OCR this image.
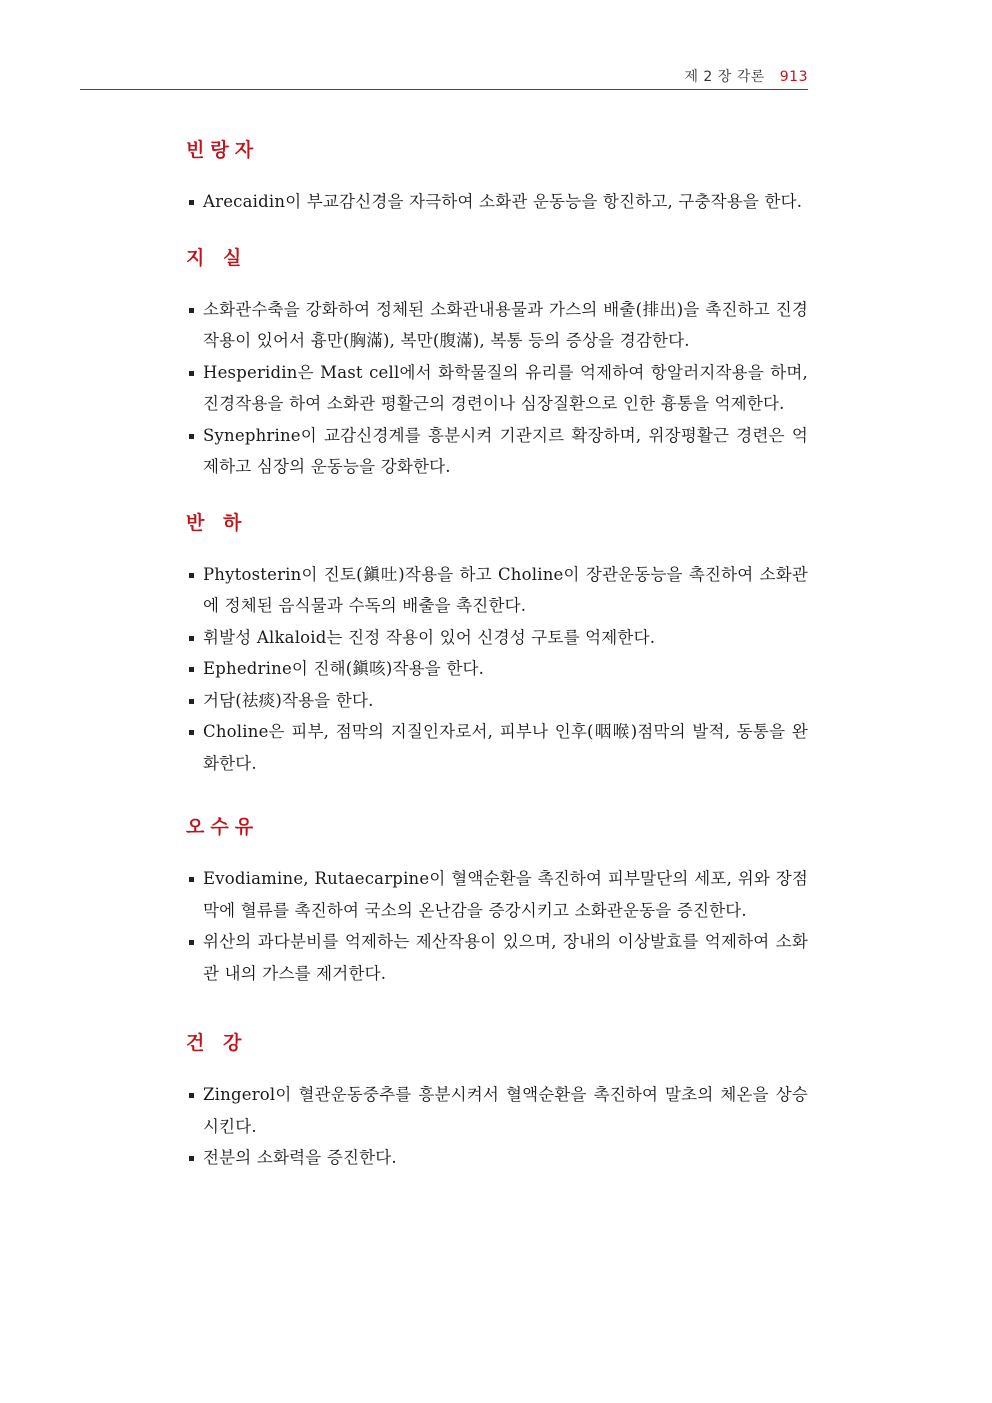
제 2 장 각론 913
빈랑자
Arecaidin이 부교감신경을 자극하여 소화관 운동능을 항진하고, 구충작용을 한다.
지 실
소화관수축을 강화하여 정체된 소화관내용물과 가스의 배출(排出)을 촉진하고 진경작용이 있어서 흉만(胸滿), 복만(腹滿), 복통 등의 증상을 경감한다.
Hesperidin은 Mast cell에서 화학물질의 유리를 억제하여 항알러지작용을 하며, 진경작용을 하여 소화관 평활근의 경련이나 심장질환으로 인한 흉통을 억제한다.
Synephrine이 교감신경계를 흥분시켜 기관지르 확장하며, 위장평활근 경련은 억제하고 심장의 운동능을 강화한다.
반 하
Phytosterin이 진토(鎭吐)작용을 하고 Choline이 장관운동능을 촉진하여 소화관에 정체된 음식물과 수독의 배출을 촉진한다.
휘발성 Alkaloid는 진정 작용이 있어 신경성 구토를 억제한다.
Ephedrine이 진해(鎭咳)작용을 한다.
거담(祛痰)작용을 한다.
Choline은 피부, 점막의 지질인자로서, 피부나 인후(咽喉)점막의 발적, 동통을 완화한다.
오수유
Evodiamine, Rutaecarpine이 혈액순환을 촉진하여 피부말단의 세포, 위와 장점막에 혈류를 촉진하여 국소의 온난감을 증강시키고 소화관운동을 증진한다.
위산의 과다분비를 억제하는 제산작용이 있으며, 장내의 이상발효를 억제하여 소화관 내의 가스를 제거한다.
건 강
Zingerol이 혈관운동중추를 흥분시켜서 혈액순환을 촉진하여 말초의 체온을 상승시킨다.
전분의 소화력을 증진한다.
